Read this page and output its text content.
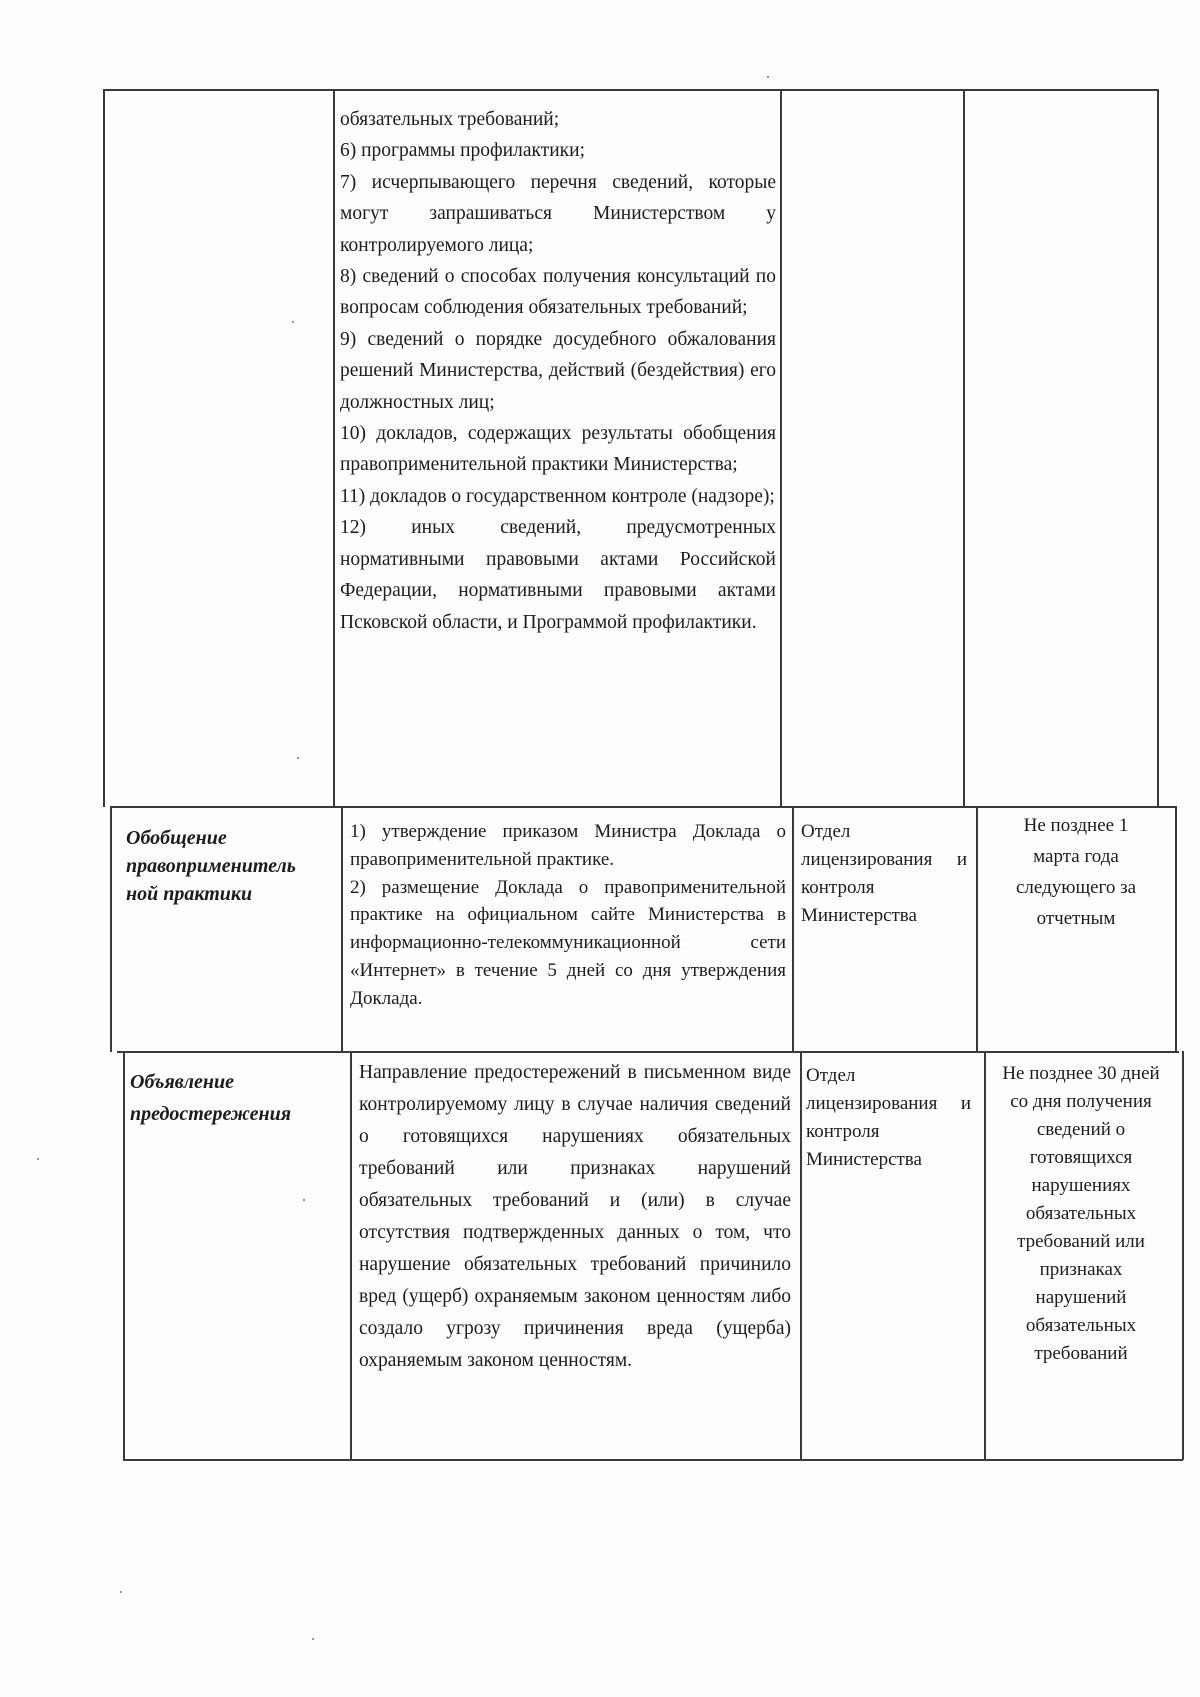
обязательных требований;
6) программы профилактики;
7) исчерпывающего перечня сведений, которые могут запрашиваться Министерством у контролируемого лица;
8) сведений о способах получения консультаций по вопросам соблюдения обязательных требований;
9) сведений о порядке досудебного обжалования решений Министерства, действий (бездействия) его должностных лиц;
10) докладов, содержащих результаты обобщения правоприменительной практики Министерства;
11) докладов о государственном контроле (надзоре);
12) иных сведений, предусмотренных нормативными правовыми актами Российской Федерации, нормативными правовыми актами Псковской области, и Программой профилактики.
Обобщение правоприменитель ной практики
1) утверждение приказом Министра Доклада о правоприменительной практике.
2) размещение Доклада о правоприменительной практике на официальном сайте Министерства в информационно-телекоммуникационной сети «Интернет» в течение 5 дней со дня утверждения Доклада.
Отдел лицензирования и контроля Министерства
Не позднее 1 марта года следующего за отчетным
Объявление предостережения
Направление предостережений в письменном виде контролируемому лицу в случае наличия сведений о готовящихся нарушениях обязательных требований или признаках нарушений обязательных требований и (или) в случае отсутствия подтвержденных данных о том, что нарушение обязательных требований причинило вред (ущерб) охраняемым законом ценностям либо создало угрозу причинения вреда (ущерба) охраняемым законом ценностям.
Отдел лицензирования и контроля Министерства
Не позднее 30 дней со дня получения сведений о готовящихся нарушениях обязательных требований или признаках нарушений обязательных требований
